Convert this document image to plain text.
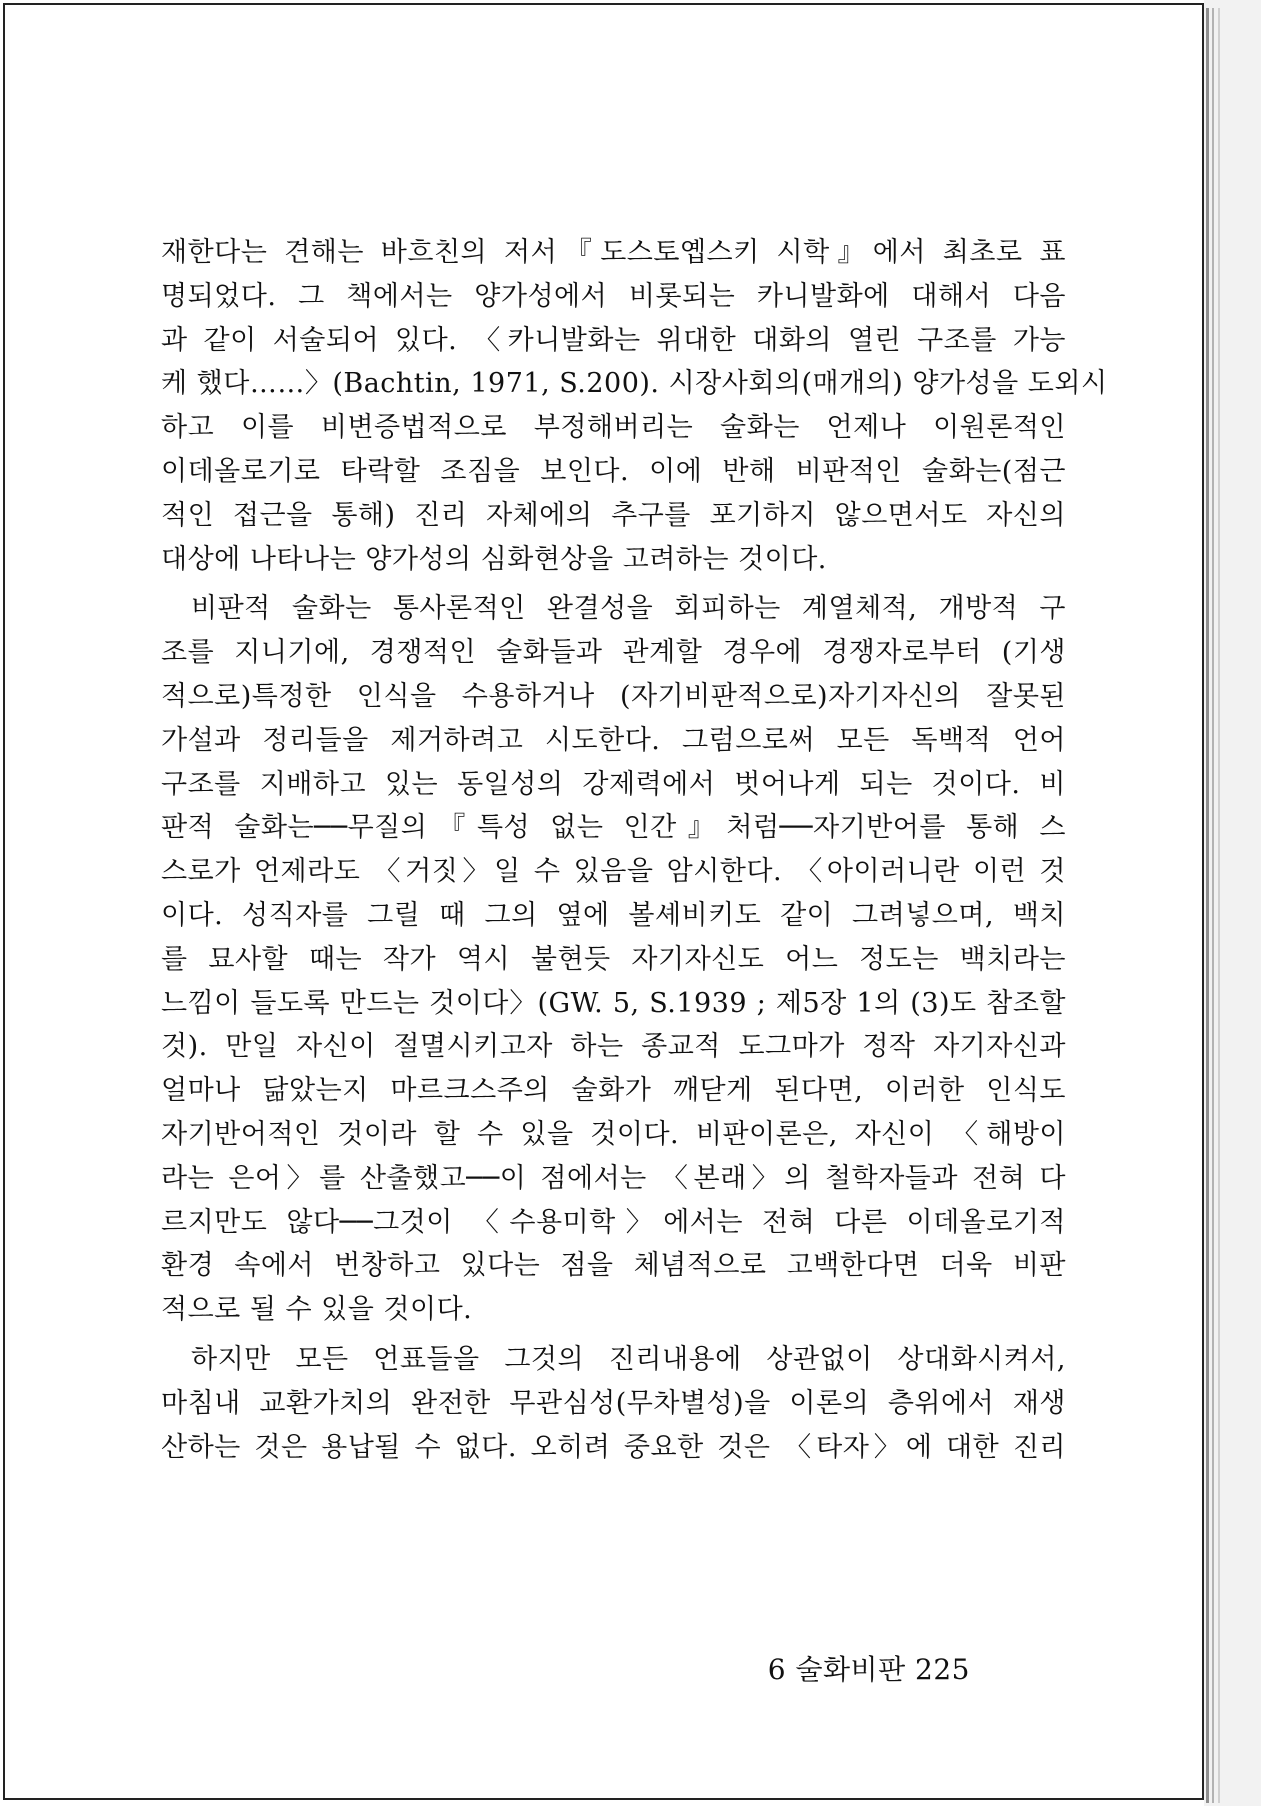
재한다는 견해는 바흐친의 저서『도스토옙스키 시학』에서 최초로 표
명되었다. 그 책에서는 양가성에서 비롯되는 카니발화에 대해서 다음
과 같이 서술되어 있다. 〈카니발화는 위대한 대화의 열린 구조를 가능
케 했다……〉(Bachtin, 1971, S.200). 시장사회의(매개의) 양가성을 도외시
하고 이를 비변증법적으로 부정해버리는 술화는 언제나 이원론적인
이데올로기로 타락할 조짐을 보인다. 이에 반해 비판적인 술화는(점근
적인 접근을 통해) 진리 자체에의 추구를 포기하지 않으면서도 자신의
대상에 나타나는 양가성의 심화현상을 고려하는 것이다.
비판적 술화는 통사론적인 완결성을 회피하는 계열체적, 개방적 구
조를 지니기에, 경쟁적인 술화들과 관계할 경우에 경쟁자로부터 (기생
적으로)특정한 인식을 수용하거나 (자기비판적으로)자기자신의 잘못된
가설과 정리들을 제거하려고 시도한다. 그럼으로써 모든 독백적 언어
구조를 지배하고 있는 동일성의 강제력에서 벗어나게 되는 것이다. 비
판적 술화는──무질의『특성 없는 인간』처럼──자기반어를 통해 스
스로가 언제라도 〈거짓〉일 수 있음을 암시한다. 〈아이러니란 이런 것
이다. 성직자를 그릴 때 그의 옆에 볼셰비키도 같이 그려넣으며, 백치
를 묘사할 때는 작가 역시 불현듯 자기자신도 어느 정도는 백치라는
느낌이 들도록 만드는 것이다〉(GW. 5, S.1939 ; 제5장 1의 (3)도 참조할
것). 만일 자신이 절멸시키고자 하는 종교적 도그마가 정작 자기자신과
얼마나 닮았는지 마르크스주의 술화가 깨닫게 된다면, 이러한 인식도
자기반어적인 것이라 할 수 있을 것이다. 비판이론은, 자신이 〈해방이
라는 은어〉를 산출했고──이 점에서는 〈본래〉의 철학자들과 전혀 다
르지만도 않다──그것이 〈수용미학〉에서는 전혀 다른 이데올로기적
환경 속에서 번창하고 있다는 점을 체념적으로 고백한다면 더욱 비판
적으로 될 수 있을 것이다.
하지만 모든 언표들을 그것의 진리내용에 상관없이 상대화시켜서,
마침내 교환가치의 완전한 무관심성(무차별성)을 이론의 층위에서 재생
산하는 것은 용납될 수 없다. 오히려 중요한 것은 〈타자〉에 대한 진리
6 술화비판 225
